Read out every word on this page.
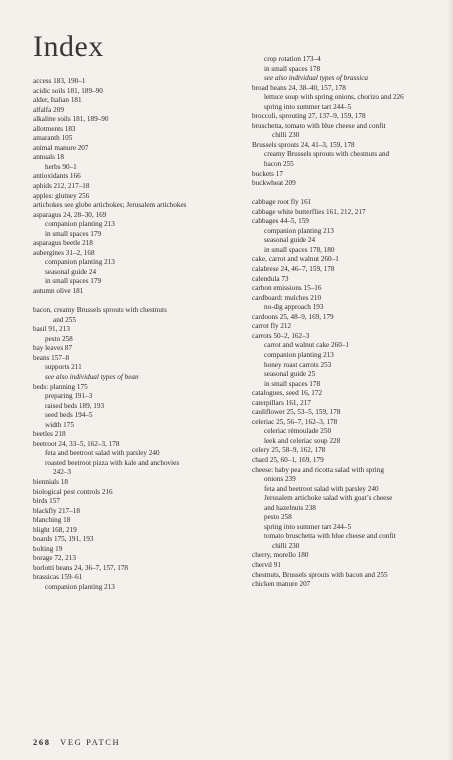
Index
access 183, 190–1
acidic soils 181, 189–90
alder, Italian 181
alfalfa 209
alkaline soils 181, 189–90
allotments 183
amaranth 105
animal manure 207
annuals 18
herbs 90–1
antioxidants 166
aphids 212, 217–18
apples: glutney 256
artichokes see globe artichokes; Jerusalem artichokes
asparagus 24, 28–30, 169
companion planting 213
in small spaces 179
asparagus beetle 218
aubergines 31–2, 168
companion planting 213
seasonal guide 24
in small spaces 179
autumn olive 181
bacon, creamy Brussels sprouts with chestnuts
and 255
basil 91, 213
pesto 258
bay leaves 87
beans 157–8
supports 211
see also individual types of bean
beds: planning 175
preparing 191–3
raised beds 189, 193
seed beds 194–5
width 175
beetles 218
beetroot 24, 33–5, 162–3, 178
feta and beetroot salad with parsley 240
roasted beetroot pizza with kale and anchovies
242–3
biennials 18
biological pest controls 216
birds 157
blackfly 217–18
blanching 18
blight 168, 219
boards 175, 191, 193
bolting 19
borage 72, 213
borlotti beans 24, 36–7, 157, 178
brassicas 159–61
companion planting 213
crop rotation 173–4
in small spaces 178
see also individual types of brassica
broad beans 24, 38–40, 157, 178
lettuce soup with spring onions, chorizo and 226
spring into summer tart 244–5
broccoli, sprouting 27, 137–9, 159, 178
bruschetta, tomato with blue cheese and confit
chilli 230
Brussels sprouts 24, 41–3, 159, 178
creamy Brussels sprouts with chestnuts and
bacon 255
buckets 17
buckwheat 209
cabbage root fly 161
cabbage white butterflies 161, 212, 217
cabbages 44–5, 159
companion planting 213
seasonal guide 24
in small spaces 178, 180
cake, carrot and walnut 260–1
calabrese 24, 46–7, 159, 178
calendula 73
carbon emissions 15–16
cardboard: mulches 210
no-dig approach 193
cardoons 25, 48–9, 169, 179
carrot fly 212
carrots 50–2, 162–3
carrot and walnut cake 260–1
companion planting 213
honey roast carrots 253
seasonal guide 25
in small spaces 178
catalogues, seed 16, 172
caterpillars 161, 217
cauliflower 25, 53–5, 159, 178
celeriac 25, 56–7, 162–3, 178
celeriac rémoulade 250
leek and celeriac soup 228
celery 25, 58–9, 162, 178
chard 25, 60–1, 169, 179
cheese: baby pea and ricotta salad with spring
onions 239
feta and beetroot salad with parsley 240
Jerusalem artichoke salad with goat’s cheese
and hazelnuts 238
pesto 258
spring into summer tart 244–5
tomato bruschetta with blue cheese and confit
chilli 230
cherry, morello 180
chervil 91
chestnuts, Brussels sprouts with bacon and 255
chicken manure 207
268 VEG PATCH
